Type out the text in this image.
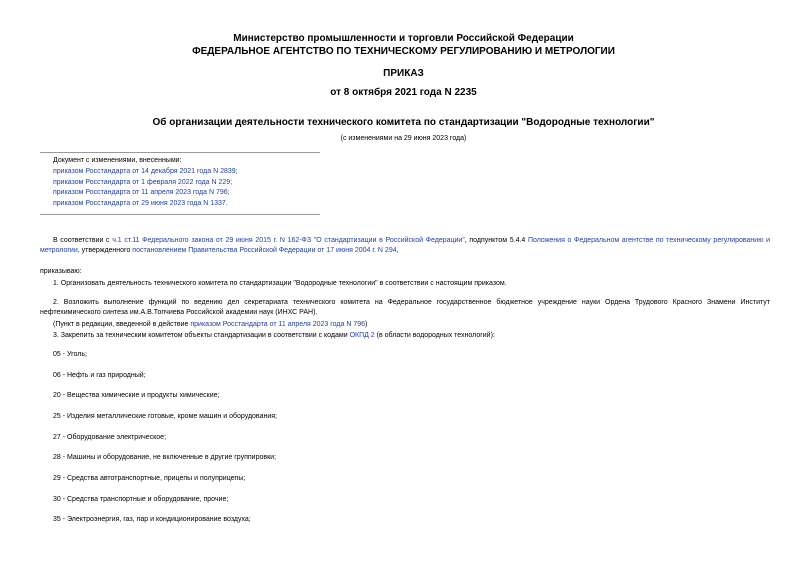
Министерство промышленности и торговли Российской Федерации
ФЕДЕРАЛЬНОЕ АГЕНТСТВО ПО ТЕХНИЧЕСКОМУ РЕГУЛИРОВАНИЮ И МЕТРОЛОГИИ
ПРИКАЗ
от 8 октября 2021 года N 2235
Об организации деятельности технического комитета по стандартизации "Водородные технологии"
(с изменениями на 29 июня 2023 года)
Документ с изменениями, внесенными:
приказом Росстандарта от 14 декабря 2021 года N 2839;
приказом Росстандарта от 1 февраля 2022 года N 229;
приказом Росстандарта от 11 апреля 2023 года N 796;
приказом Росстандарта от 29 июня 2023 года N 1337.
В соответствии с ч.1 ст.11 Федерального закона от 29 июня 2015 г. N 162-ФЗ "О стандартизации в Российской Федерации", подпунктом 5.4.4 Положения о Федеральном агентстве по техническому регулированию и метрологии, утвержденного постановлением Правительства Российской Федерации от 17 июня 2004 г. N 294,
приказываю:
1. Организовать деятельность технического комитета по стандартизации "Водородные технологии" в соответствии с настоящим приказом.
2. Возложить выполнение функций по ведению дел секретариата технического комитета на Федеральное государственное бюджетное учреждение науки Ордена Трудового Красного Знамени Институт нефтехимического синтеза им.А.В.Топчиева Российской академии наук (ИНХС РАН).
(Пункт в редакции, введенной в действие приказом Росстандарта от 11 апреля 2023 года N 796)
3. Закрепить за техническим комитетом объекты стандартизации в соответствии с кодами ОКПД 2 (в области водородных технологий):
05 - Уголь;
06 - Нефть и газ природный;
20 - Вещества химические и продукты химические;
25 - Изделия металлические готовые, кроме машин и оборудования;
27 - Оборудование электрическое;
28 - Машины и оборудование, не включенные в другие группировки;
29 - Средства автотранспортные, прицепы и полуприцепы;
30 - Средства транспортные и оборудование, прочие;
35 - Электроэнергия, газ, пар и кондиционирование воздуха;
